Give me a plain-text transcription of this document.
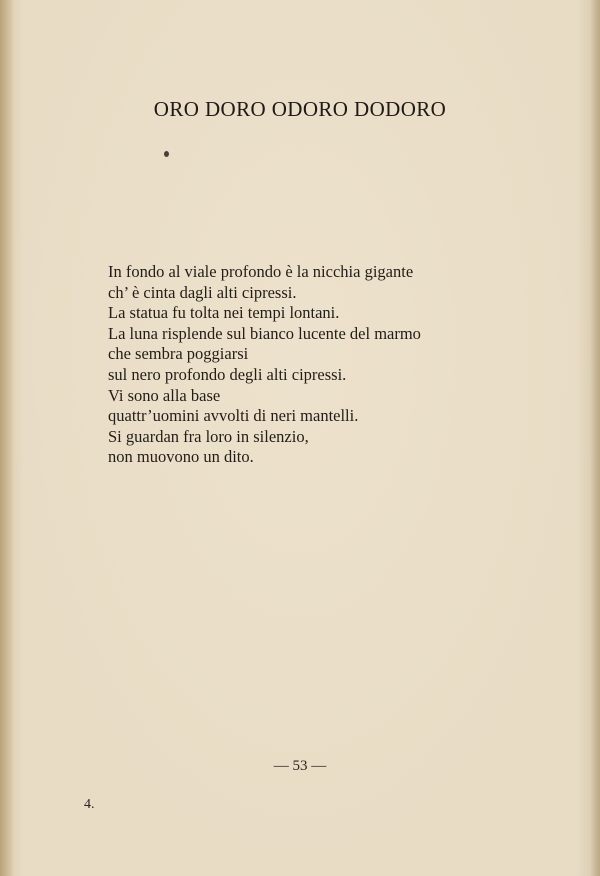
ORO DORO ODORO DODORO
In fondo al viale profondo è la nicchia gigante
ch’ è cinta dagli alti cipressi.
La statua fu tolta nei tempi lontani.
La luna risplende sul bianco lucente del marmo
che sembra poggiarsi
sul nero profondo degli alti cipressi.
Vi sono alla base
quattr’uomini avvolti di neri mantelli.
Si guardan fra loro in silenzio,
non muovono un dito.
— 53 —
4.
